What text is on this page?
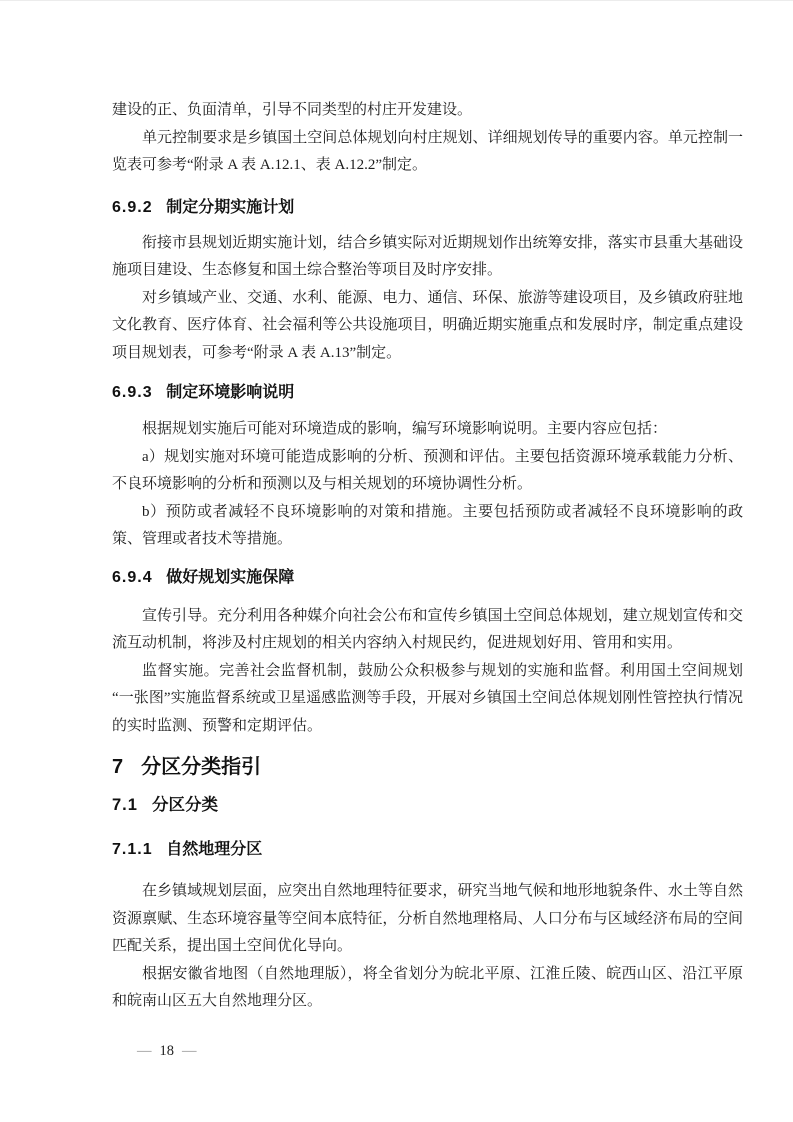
建设的正、负面清单，引导不同类型的村庄开发建设。

单元控制要求是乡镇国土空间总体规划向村庄规划、详细规划传导的重要内容。单元控制一览表可参考“附录 A 表 A.12.1、表 A.12.2”制定。

6.9.2 制定分期实施计划

衔接市县规划近期实施计划，结合乡镇实际对近期规划作出统筹安排，落实市县重大基础设施项目建设、生态修复和国土综合整治等项目及时序安排。

对乡镇域产业、交通、水利、能源、电力、通信、环保、旅游等建设项目，及乡镇政府驻地文化教育、医疗体育、社会福利等公共设施项目，明确近期实施重点和发展时序，制定重点建设项目规划表，可参考“附录 A 表 A.13”制定。

6.9.3 制定环境影响说明

根据规划实施后可能对环境造成的影响，编写环境影响说明。主要内容应包括：

a）规划实施对环境可能造成影响的分析、预测和评估。主要包括资源环境承载能力分析、不良环境影响的分析和预测以及与相关规划的环境协调性分析。

b）预防或者减轻不良环境影响的对策和措施。主要包括预防或者减轻不良环境影响的政策、管理或者技术等措施。

6.9.4 做好规划实施保障

宣传引导。充分利用各种媒介向社会公布和宣传乡镇国土空间总体规划，建立规划宣传和交流互动机制，将涉及村庄规划的相关内容纳入村规民约，促进规划好用、管用和实用。

监督实施。完善社会监督机制，鼓励公众积极参与规划的实施和监督。利用国土空间规划“一张图”实施监督系统或卫星遥感监测等手段，开展对乡镇国土空间总体规划刚性管控执行情况的实时监测、预警和定期评估。

7 分区分类指引
7.1 分区分类
7.1.1 自然地理分区

在乡镇域规划层面，应突出自然地理特征要求，研究当地气候和地形地貌条件、水土等自然资源禀赋、生态环境容量等空间本底特征，分析自然地理格局、人口分布与区域经济布局的空间匹配关系，提出国土空间优化导向。

根据安徽省地图（自然地理版），将全省划分为皖北平原、江淮丘陵、皖西山区、沿江平原和皖南山区五大自然地理分区。

— 18 —
